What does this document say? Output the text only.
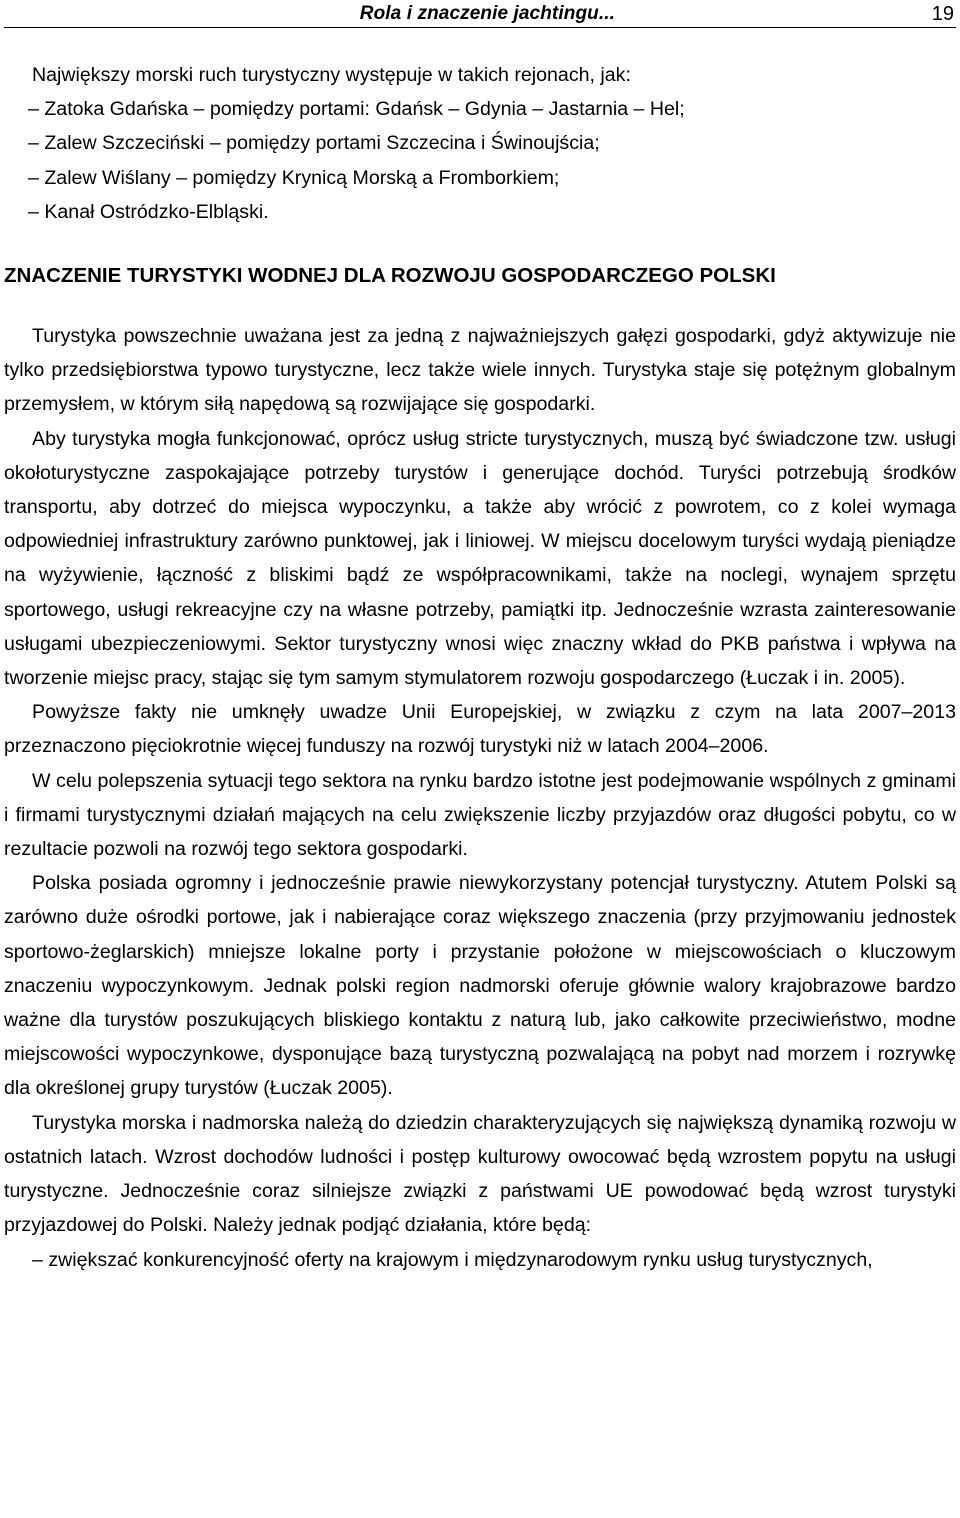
Rola i znaczenie jachtingu...	19
Największy morski ruch turystyczny występuje w takich rejonach, jak:
– Zatoka Gdańska – pomiędzy portami: Gdańsk – Gdynia – Jastarnia – Hel;
– Zalew Szczeciński – pomiędzy portami Szczecina i Świnoujścia;
– Zalew Wiślany – pomiędzy Krynicą Morską a Fromborkiem;
– Kanał Ostródzko-Elbląski.
ZNACZENIE TURYSTYKI WODNEJ DLA ROZWOJU GOSPODARCZEGO POLSKI

Turystyka powszechnie uważana jest za jedną z najważniejszych gałęzi gospodarki, gdyż aktywizuje nie tylko przedsiębiorstwa typowo turystyczne, lecz także wiele innych. Turystyka staje się potężnym globalnym przemysłem, w którym siłą napędową są rozwijające się gospodarki.

Aby turystyka mogła funkcjonować, oprócz usług stricte turystycznych, muszą być świadczone tzw. usługi okołoturystyczne zaspokajające potrzeby turystów i generujące dochód. Turyści potrzebują środków transportu, aby dotrzeć do miejsca wypoczynku, a także aby wrócić z powrotem, co z kolei wymaga odpowiedniej infrastruktury zarówno punktowej, jak i liniowej. W miejscu docelowym turyści wydają pieniądze na wyżywienie, łączność z bliskimi bądź ze współpracownikami, także na noclegi, wynajem sprzętu sportowego, usługi rekreacyjne czy na własne potrzeby, pamiątki itp. Jednocześnie wzrasta zainteresowanie usługami ubezpieczeniowymi. Sektor turystyczny wnosi więc znaczny wkład do PKB państwa i wpływa na tworzenie miejsc pracy, stając się tym samym stymulatorem rozwoju gospodarczego (Łuczak i in. 2005).

Powyższe fakty nie umknęły uwadze Unii Europejskiej, w związku z czym na lata 2007–2013 przeznaczono pięciokrotnie więcej funduszy na rozwój turystyki niż w latach 2004–2006.

W celu polepszenia sytuacji tego sektora na rynku bardzo istotne jest podejmowanie wspólnych z gminami i firmami turystycznymi działań mających na celu zwiększenie liczby przyjazdów oraz długości pobytu, co w rezultacie pozwoli na rozwój tego sektora gospodarki.

Polska posiada ogromny i jednocześnie prawie niewykorzystany potencjał turystyczny. Atutem Polski są zarówno duże ośrodki portowe, jak i nabierające coraz większego znaczenia (przy przyjmowaniu jednostek sportowo-żeglarskich) mniejsze lokalne porty i przystanie położone w miejscowościach o kluczowym znaczeniu wypoczynkowym. Jednak polski region nadmorski oferuje głównie walory krajobrazowe bardzo ważne dla turystów poszukujących bliskiego kontaktu z naturą lub, jako całkowite przeciwieństwo, modne miejscowości wypoczynkowe, dysponujące bazą turystyczną pozwalającą na pobyt nad morzem i rozrywkę dla określonej grupy turystów (Łuczak 2005).

Turystyka morska i nadmorska należą do dziedzin charakteryzujących się największą dynamiką rozwoju w ostatnich latach. Wzrost dochodów ludności i postęp kulturowy owocować będą wzrostem popytu na usługi turystyczne. Jednocześnie coraz silniejsze związki z państwami UE powodować będą wzrost turystyki przyjazdowej do Polski. Należy jednak podjąć działania, które będą:

– zwiększać konkurencyjność oferty na krajowym i międzynarodowym rynku usług turystycznych,
